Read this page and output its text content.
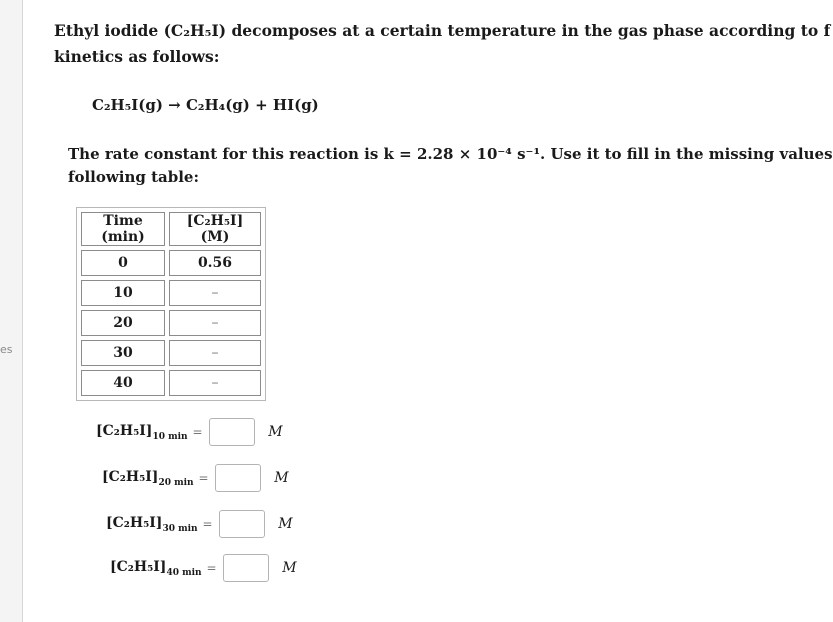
es
Ethyl iodide (C₂H₅I) decomposes at a certain temperature in the gas phase according to f
kinetics as follows:
C₂H₅I(g) → C₂H₄(g) + HI(g)
The rate constant for this reaction is k = 2.28 × 10⁻⁴ s⁻¹. Use it to fill in the missing values
following table:
Time (min)	[C₂H₅I] (M)
0	0.56
10	–
20	–
30	–
40	–
$[C_2H_5I]_{10 min}$ =	M
$[C_2H_5I]_{20 min}$ =	M
$[C_2H_5I]_{30 min}$ =	M
$[C_2H_5I]_{40 min}$ =	M
